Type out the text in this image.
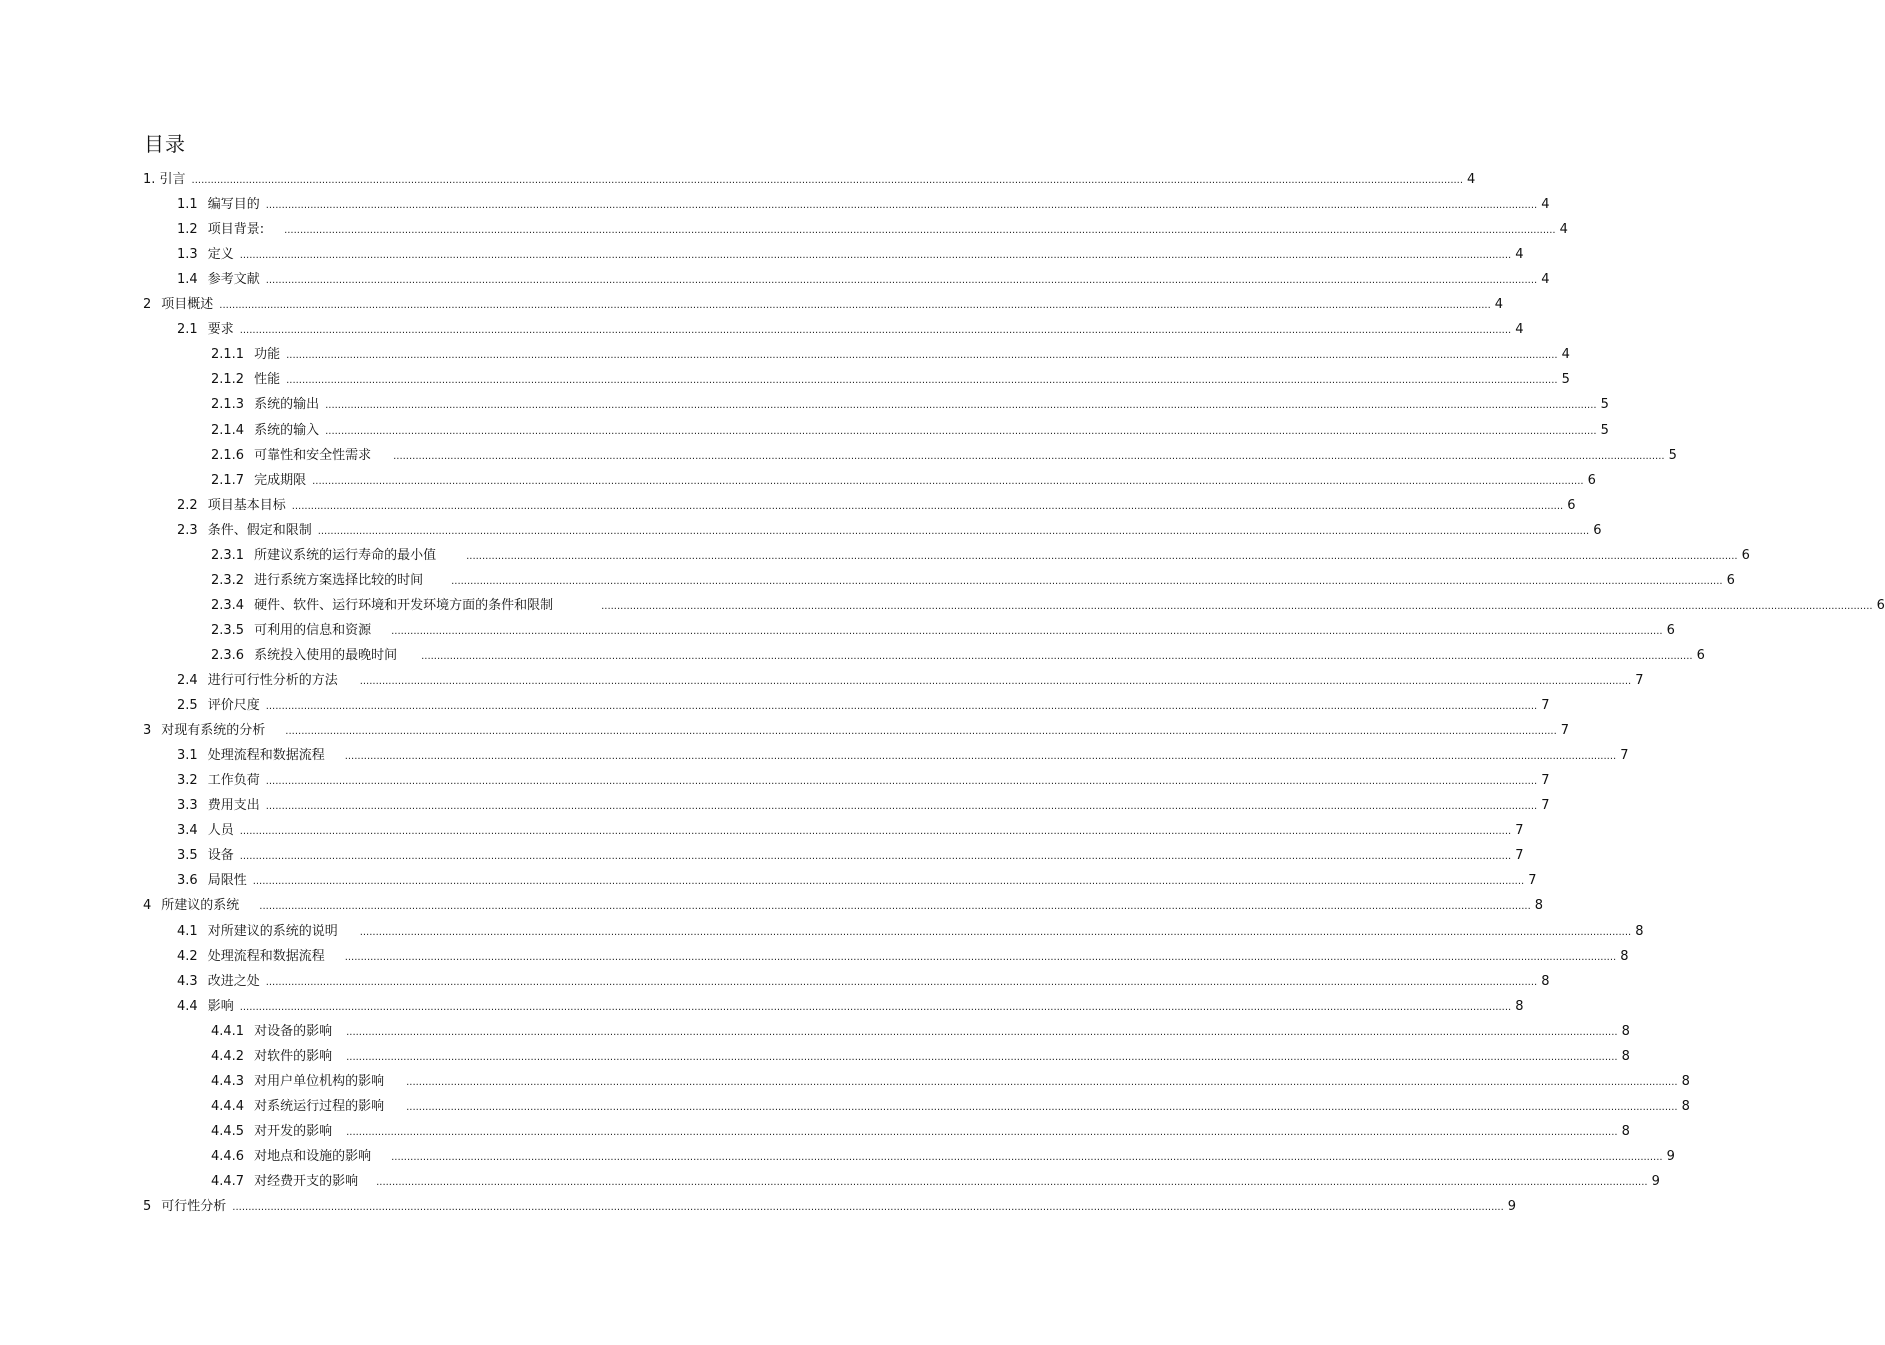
目录
1. 引言 ................................................................................................................................................................................................................................................................................................................................................................................................................ 4
1.1 编写目的 ................................................................................................................................................................................................................................................................................................................................................................................................................ 4
1.2 项目背景: ................................................................................................................................................................................................................................................................................................................................................................................................................ 4
1.3 定义 ................................................................................................................................................................................................................................................................................................................................................................................................................ 4
1.4 参考文献 ................................................................................................................................................................................................................................................................................................................................................................................................................ 4
2 项目概述 ................................................................................................................................................................................................................................................................................................................................................................................................................ 4
2.1 要求 ................................................................................................................................................................................................................................................................................................................................................................................................................ 4
2.1.1 功能 ................................................................................................................................................................................................................................................................................................................................................................................................................ 4
2.1.2 性能 ................................................................................................................................................................................................................................................................................................................................................................................................................ 5
2.1.3 系统的输出 ................................................................................................................................................................................................................................................................................................................................................................................................................ 5
2.1.4 系统的输入 ................................................................................................................................................................................................................................................................................................................................................................................................................ 5
2.1.6 可靠性和安全性需求 ................................................................................................................................................................................................................................................................................................................................................................................................................ 5
2.1.7 完成期限 ................................................................................................................................................................................................................................................................................................................................................................................................................ 6
2.2 项目基本目标 ................................................................................................................................................................................................................................................................................................................................................................................................................ 6
2.3 条件、假定和限制 ................................................................................................................................................................................................................................................................................................................................................................................................................ 6
2.3.1 所建议系统的运行寿命的最小值	................................................................................................................................................................................................................................................................................................................................................................................................................ 6
2.3.2 进行系统方案选择比较的时间	................................................................................................................................................................................................................................................................................................................................................................................................................ 6
2.3.4 硬件、软件、运行环境和开发环境方面的条件和限制	................................................................................................................................................................................................................................................................................................................................................................................................................ 6
2.3.5 可利用的信息和资源 ................................................................................................................................................................................................................................................................................................................................................................................................................ 6
2.3.6 系统投入使用的最晚时间 ................................................................................................................................................................................................................................................................................................................................................................................................................ 6
2.4 进行可行性分析的方法 ................................................................................................................................................................................................................................................................................................................................................................................................................ 7
2.5 评价尺度 ................................................................................................................................................................................................................................................................................................................................................................................................................ 7
3 对现有系统的分析 ................................................................................................................................................................................................................................................................................................................................................................................................................ 7
3.1 处理流程和数据流程 ................................................................................................................................................................................................................................................................................................................................................................................................................ 7
3.2 工作负荷 ................................................................................................................................................................................................................................................................................................................................................................................................................ 7
3.3 费用支出 ................................................................................................................................................................................................................................................................................................................................................................................................................ 7
3.4 人员 ................................................................................................................................................................................................................................................................................................................................................................................................................ 7
3.5 设备 ................................................................................................................................................................................................................................................................................................................................................................................................................ 7
3.6 局限性 ................................................................................................................................................................................................................................................................................................................................................................................................................ 7
4 所建议的系统 ................................................................................................................................................................................................................................................................................................................................................................................................................ 8
4.1 对所建议的系统的说明 ................................................................................................................................................................................................................................................................................................................................................................................................................ 8
4.2 处理流程和数据流程 ................................................................................................................................................................................................................................................................................................................................................................................................................ 8
4.3 改进之处 ................................................................................................................................................................................................................................................................................................................................................................................................................ 8
4.4 影响 ................................................................................................................................................................................................................................................................................................................................................................................................................ 8
4.4.1 对设备的影响 ................................................................................................................................................................................................................................................................................................................................................................................................................ 8
4.4.2 对软件的影响 ................................................................................................................................................................................................................................................................................................................................................................................................................ 8
4.4.3 对用户单位机构的影响 ................................................................................................................................................................................................................................................................................................................................................................................................................ 8
4.4.4 对系统运行过程的影响 ................................................................................................................................................................................................................................................................................................................................................................................................................ 8
4.4.5 对开发的影响 ................................................................................................................................................................................................................................................................................................................................................................................................................ 8
4.4.6 对地点和设施的影响 ................................................................................................................................................................................................................................................................................................................................................................................................................ 9
4.4.7 对经费开支的影响 ................................................................................................................................................................................................................................................................................................................................................................................................................ 9
5 可行性分析 ................................................................................................................................................................................................................................................................................................................................................................................................................ 9
